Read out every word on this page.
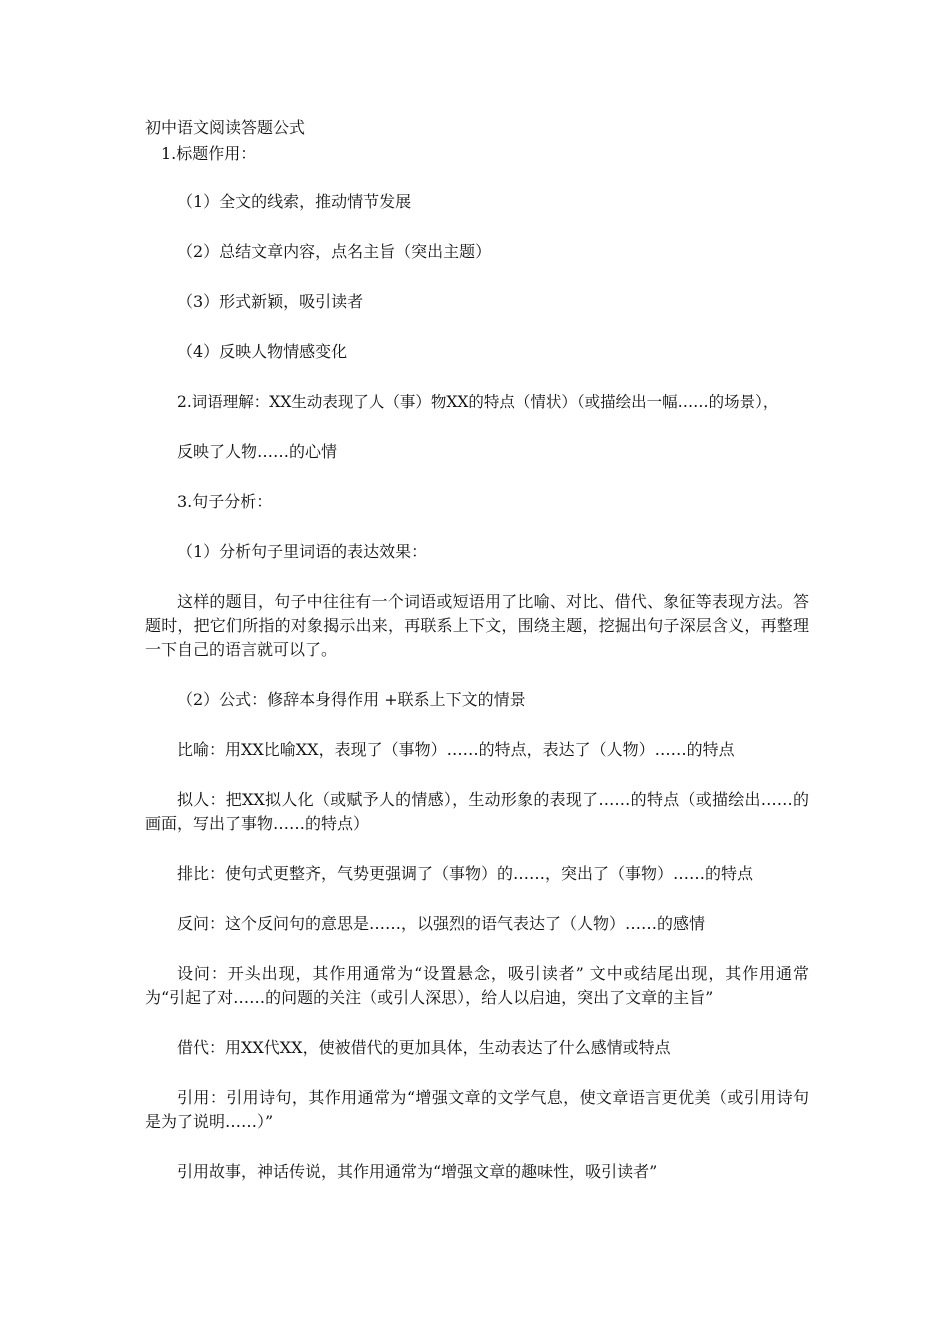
初中语文阅读答题公式
1.标题作用：
（1）全文的线索，推动情节发展
（2）总结文章内容，点名主旨（突出主题）
（3）形式新颖，吸引读者
（4）反映人物情感变化
2.词语理解：XX生动表现了人（事）物XX的特点（情状）（或描绘出一幅……的场景），
反映了人物……的心情
3.句子分析：
（1）分析句子里词语的表达效果：

这样的题目，句子中往往有一个词语或短语用了比喻、对比、借代、象征等表现方法。答题时，把它们所指的对象揭示出来，再联系上下文，围绕主题，挖掘出句子深层含义，再整理一下自己的语言就可以了。

（2）公式：修辞本身得作用 +联系上下文的情景
比喻：用XX比喻XX，表现了（事物）……的特点，表达了（人物）……的特点

拟人：把XX拟人化（或赋予人的情感），生动形象的表现了……的特点（或描绘出……的画面，写出了事物……的特点）

排比：使句式更整齐，气势更强调了（事物）的……，突出了（事物）……的特点
反问：这个反问句的意思是……，以强烈的语气表达了（人物）……的感情

设问：开头出现，其作用通常为“设置悬念，吸引读者” 文中或结尾出现，其作用通常为“引起了对……的问题的关注（或引人深思），给人以启迪，突出了文章的主旨”

借代：用XX代XX，使被借代的更加具体，生动表达了什么感情或特点

引用：引用诗句，其作用通常为“增强文章的文学气息，使文章语言更优美（或引用诗句是为了说明……）”

引用故事，神话传说，其作用通常为“增强文章的趣味性，吸引读者”
